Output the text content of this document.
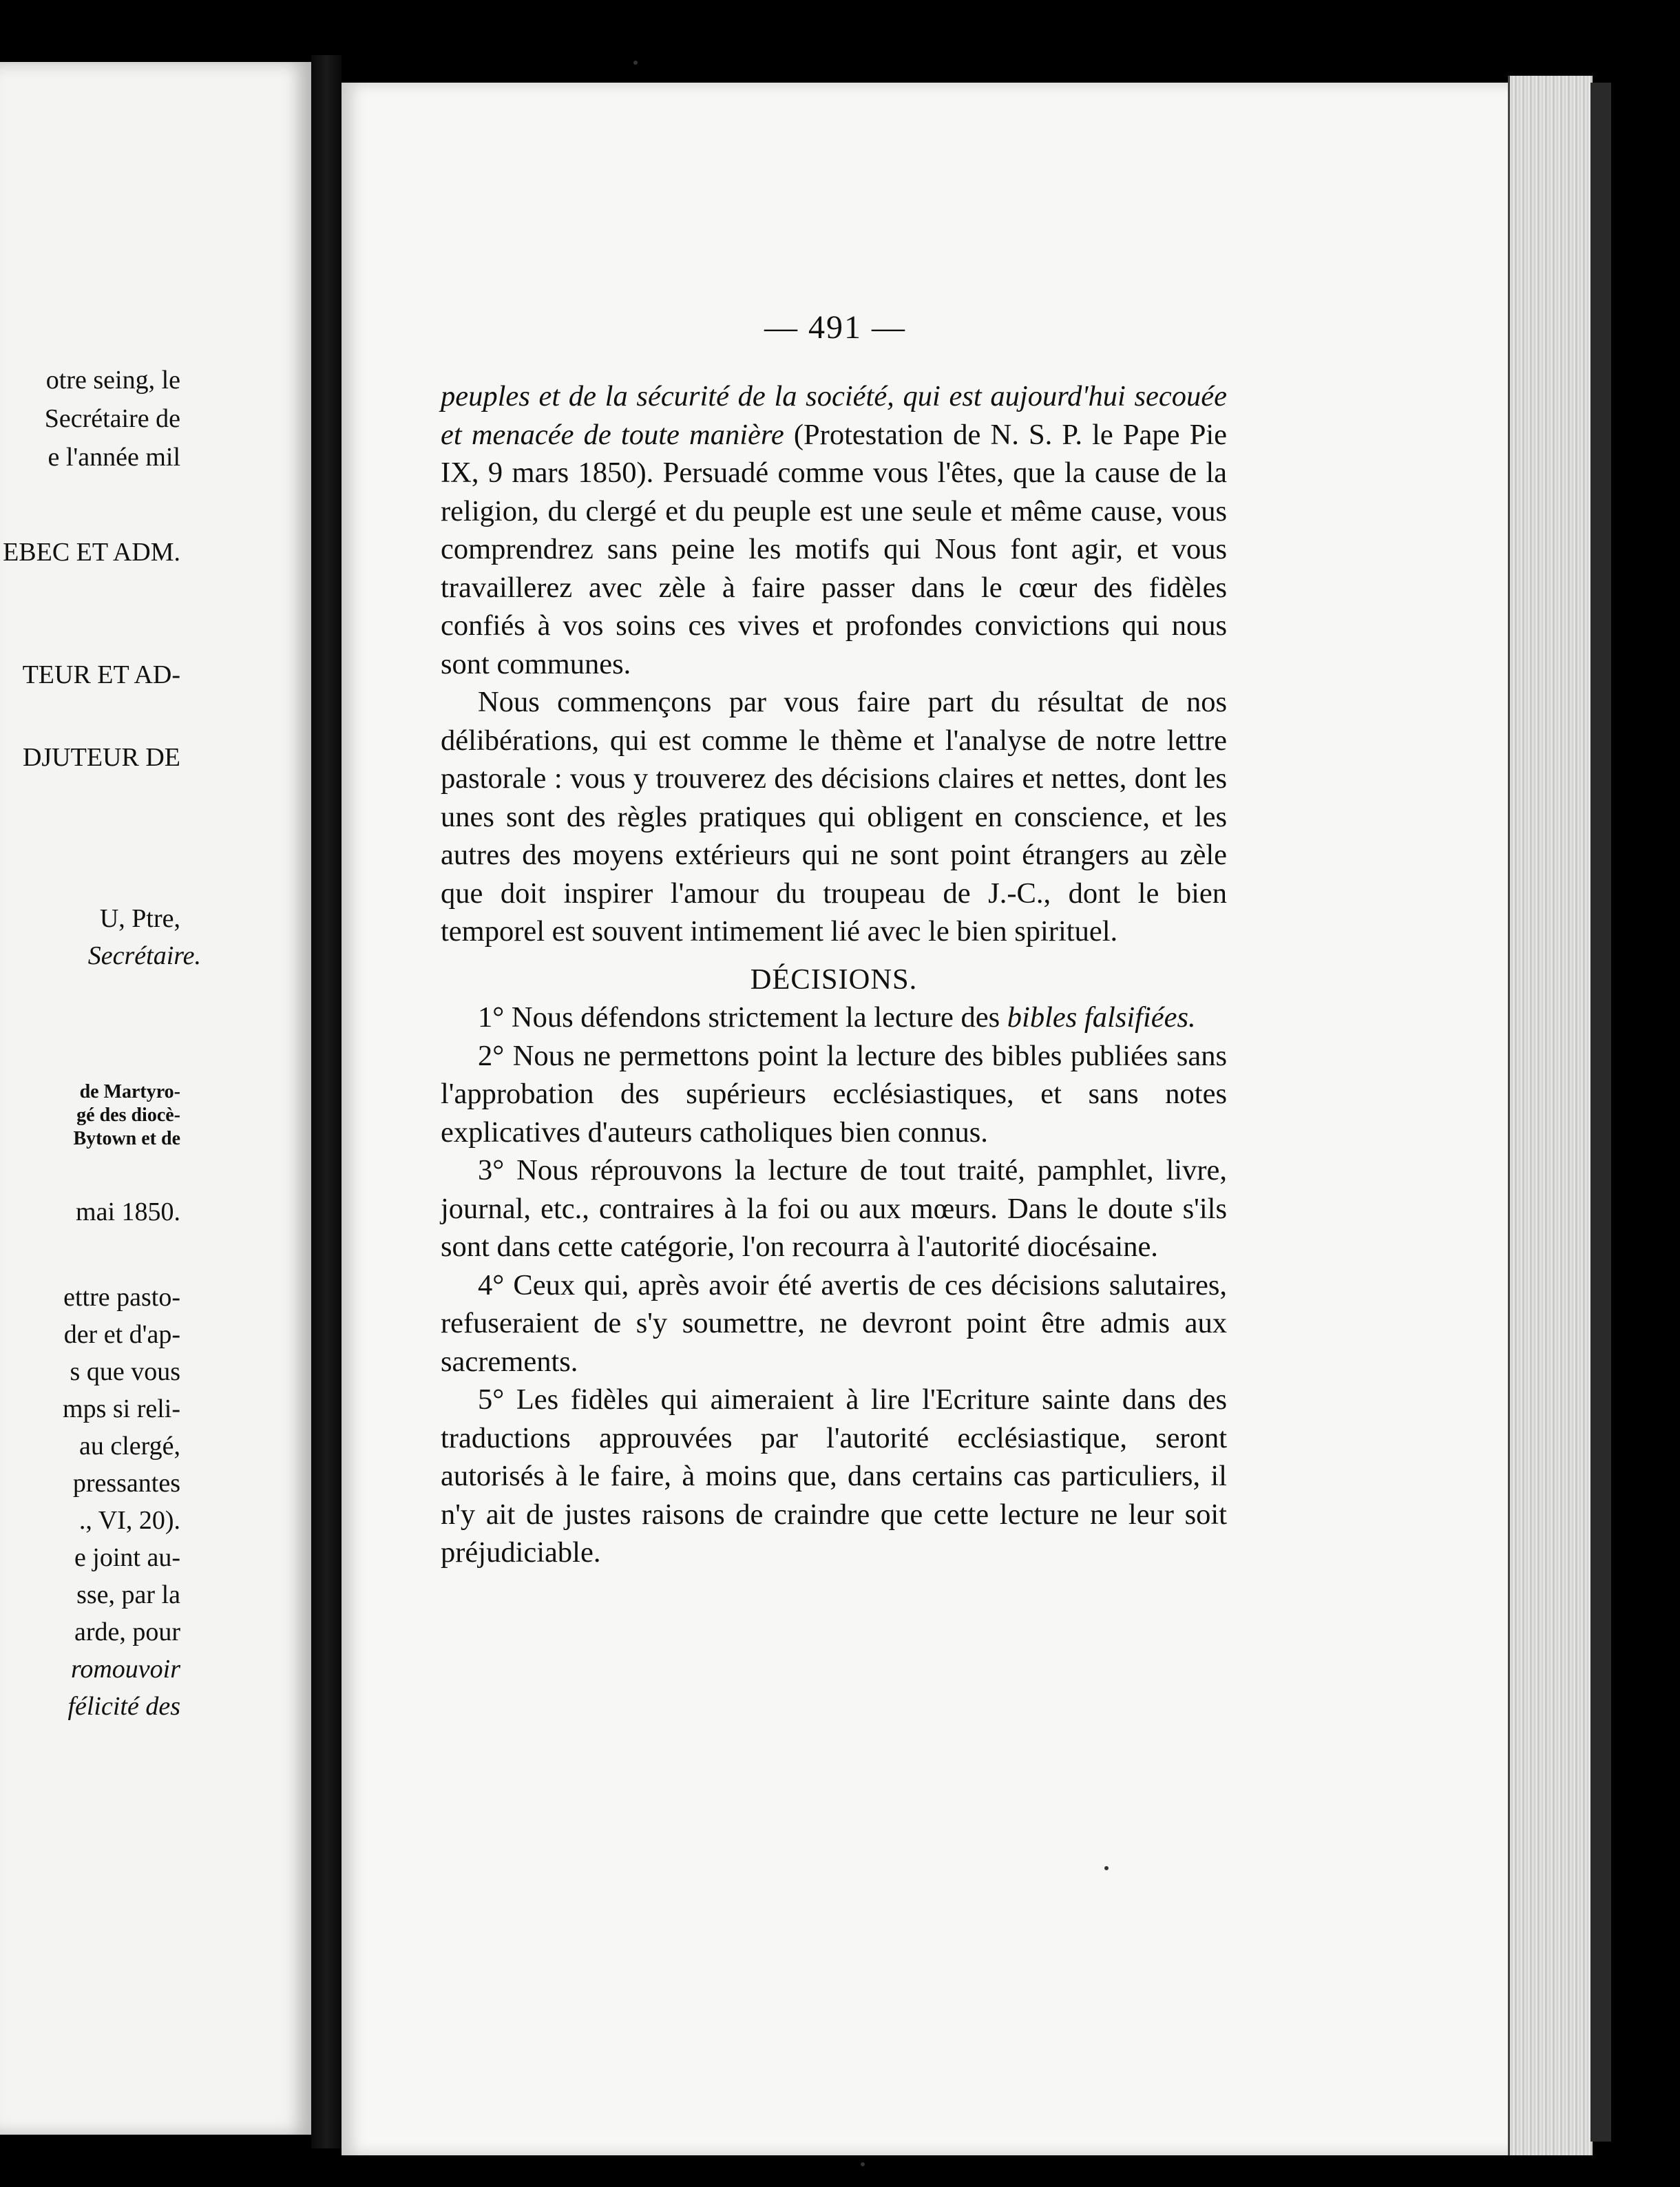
otre seing, le
Secrétaire de
e l'année mil
EBEC ET ADM.
TEUR ET AD-
DJUTEUR DE
U, Ptre,
Secrétaire.
de Martyro-
gé des diocè-
Bytown et de
mai 1850.
ettre pasto-
der et d'ap-
s que vous
mps si reli-
au clergé,
pressantes
., VI, 20).
e joint au-
sse, par la
arde, pour
romouvoir
félicité des
— 491 —

peuples et de la sécurité de la société, qui est aujourd'hui secouée et menacée de toute manière (Protestation de N. S. P. le Pape Pie IX, 9 mars 1850). Persuadé comme vous l'êtes, que la cause de la religion, du clergé et du peuple est une seule et même cause, vous comprendrez sans peine les motifs qui Nous font agir, et vous travaillerez avec zèle à faire passer dans le cœur des fidèles confiés à vos soins ces vives et profondes convictions qui nous sont communes.

Nous commençons par vous faire part du résultat de nos délibérations, qui est comme le thème et l'analyse de notre lettre pastorale : vous y trouverez des décisions claires et nettes, dont les unes sont des règles pratiques qui obligent en conscience, et les autres des moyens extérieurs qui ne sont point étrangers au zèle que doit inspirer l'amour du troupeau de J.-C., dont le bien temporel est souvent intimement lié avec le bien spirituel.

DÉCISIONS.

1° Nous défendons strictement la lecture des bibles falsifiées.

2° Nous ne permettons point la lecture des bibles publiées sans l'approbation des supérieurs ecclésiastiques, et sans notes explicatives d'auteurs catholiques bien connus.

3° Nous réprouvons la lecture de tout traité, pamphlet, livre, journal, etc., contraires à la foi ou aux mœurs. Dans le doute s'ils sont dans cette catégorie, l'on recourra à l'autorité diocésaine.

4° Ceux qui, après avoir été avertis de ces décisions salutaires, refuseraient de s'y soumettre, ne devront point être admis aux sacrements.

5° Les fidèles qui aimeraient à lire l'Ecriture sainte dans des traductions approuvées par l'autorité ecclésiastique, seront autorisés à le faire, à moins que, dans certains cas particuliers, il n'y ait de justes raisons de craindre que cette lecture ne leur soit préjudiciable.
